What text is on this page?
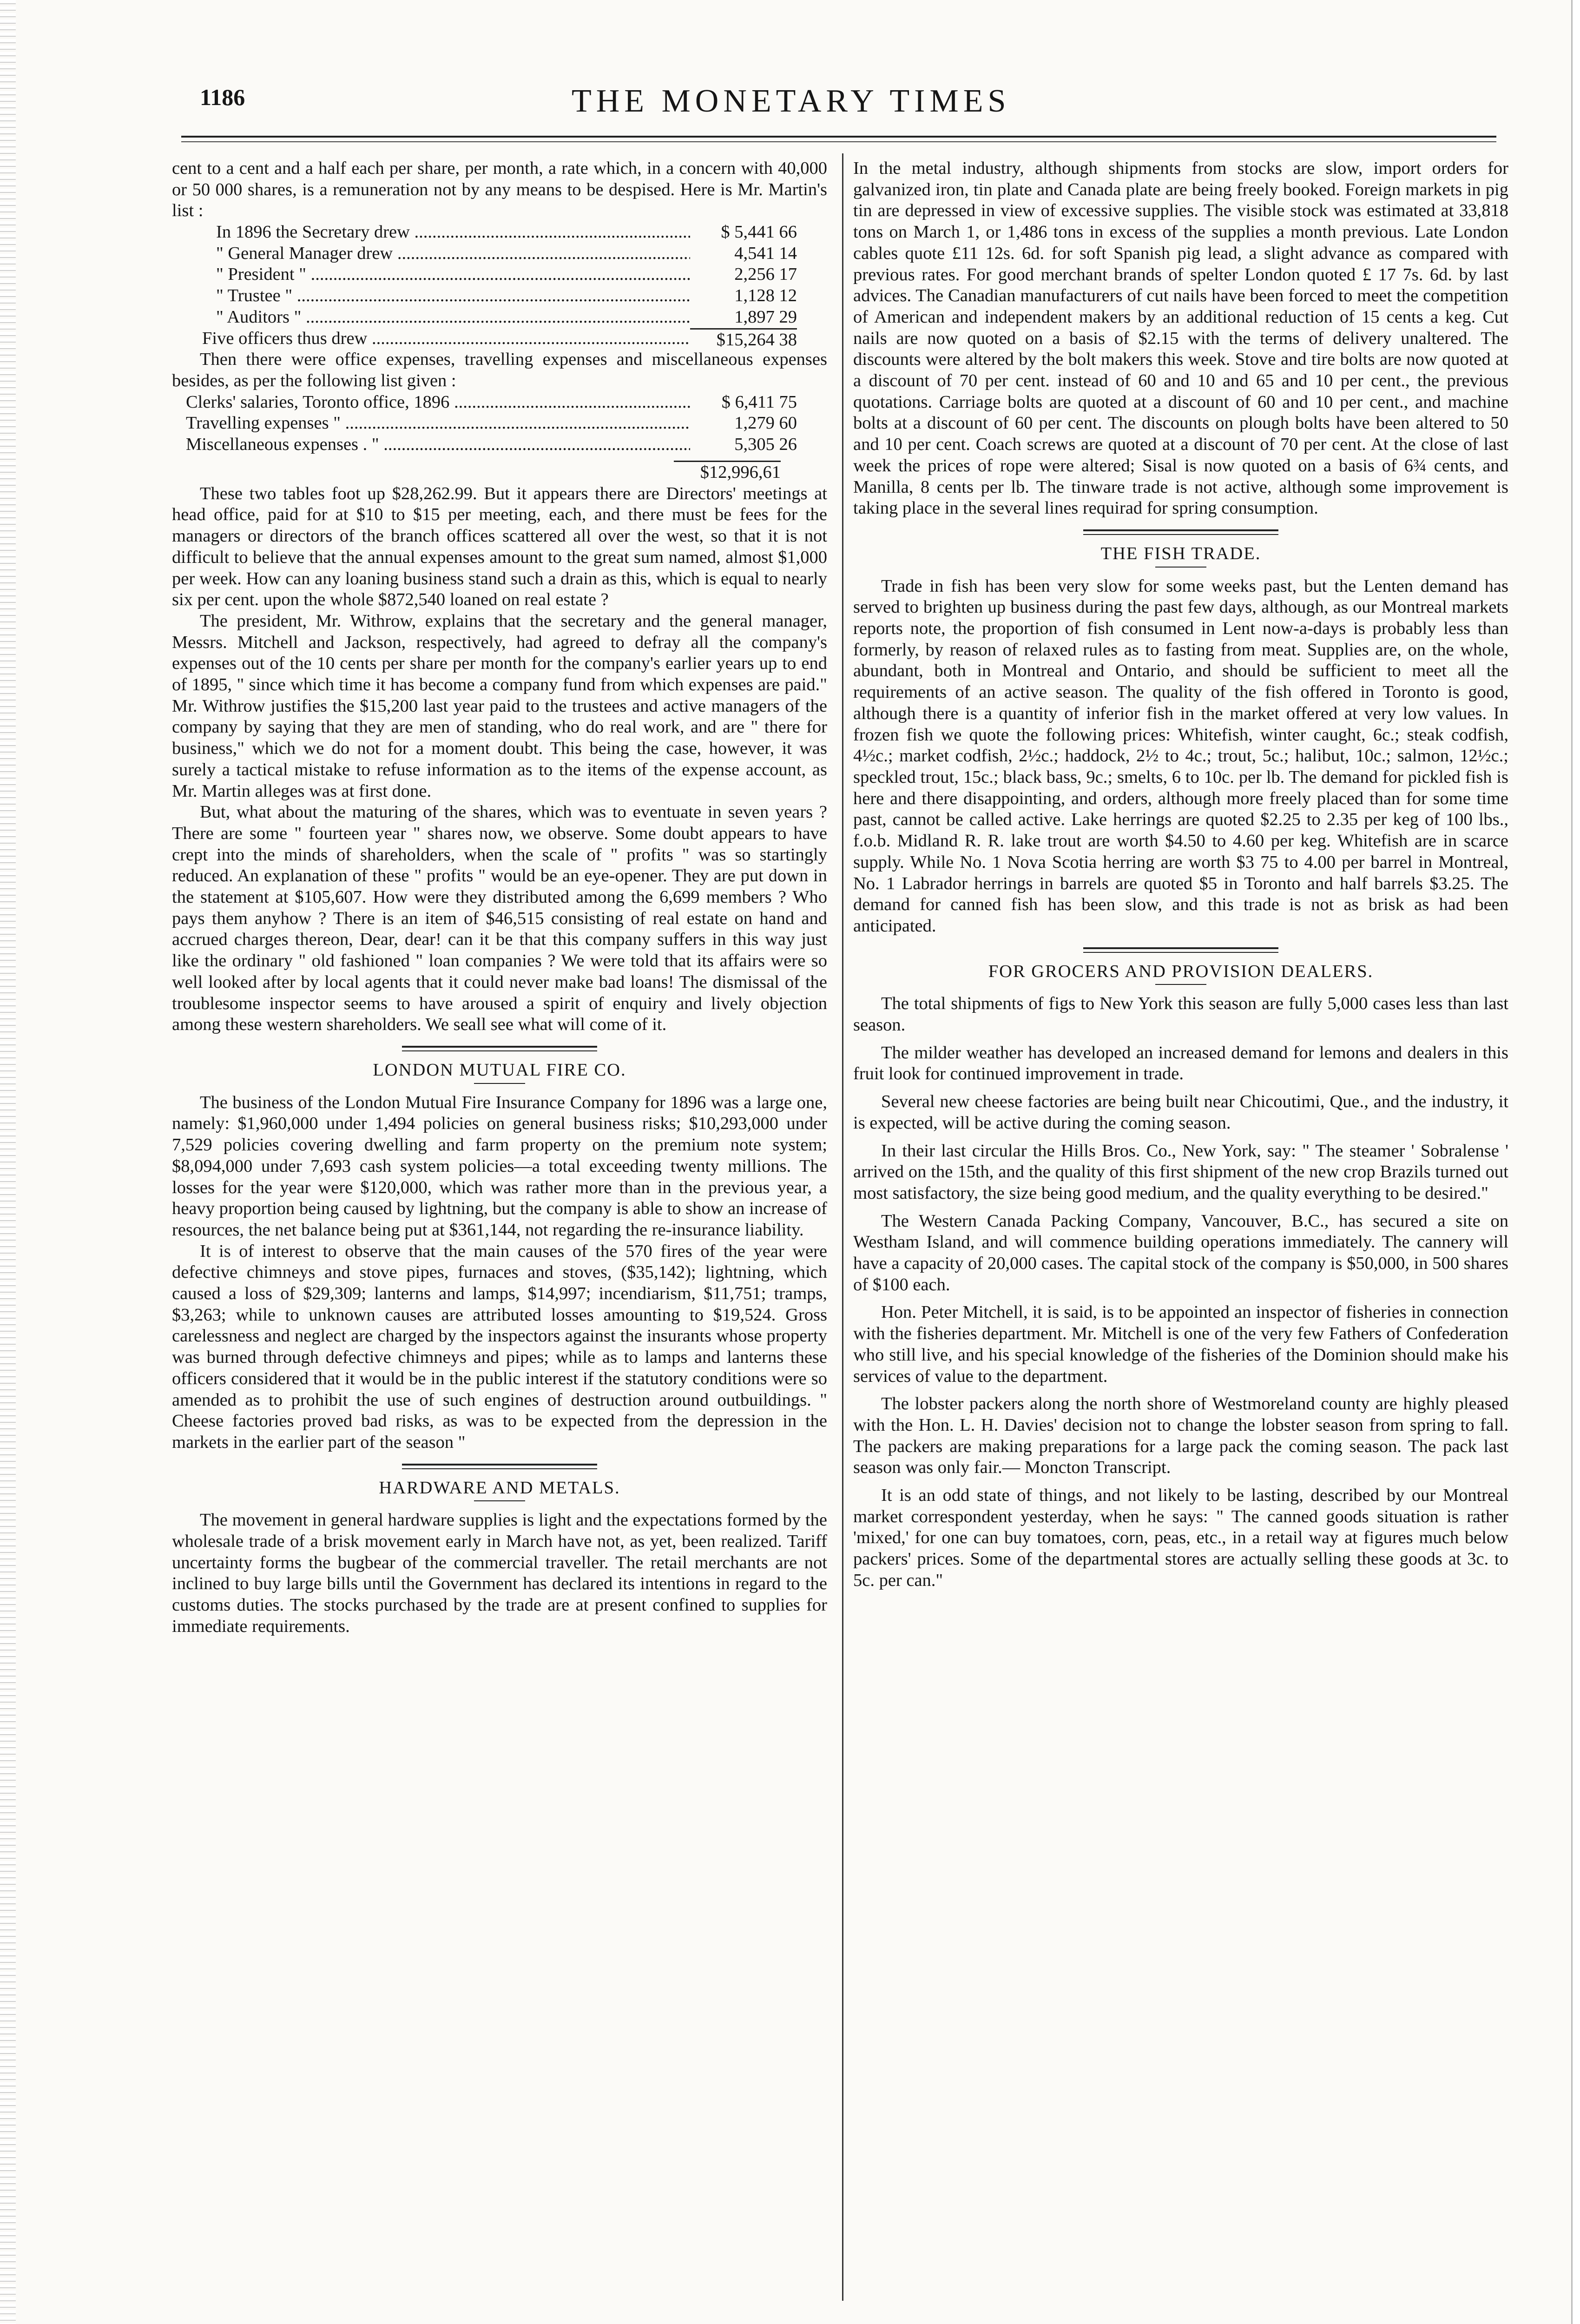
1186	THE MONETARY TIMES

cent to a cent and a half each per share, per month, a rate which, in a concern with 40,000 or 50 000 shares, is a remuneration not by any means to be despised. Here is Mr. Martin's list :

In 1896 the Secretary drew .....	$ 5,441 66
" General Manager drew .....	4,541 14
" President " .....	2,256 17
" Trustee " .....	1,128 12
" Auditors " .....	1,897 29
Five officers thus drew .....	$15,264 38

Then there were office expenses, travelling expenses and miscellaneous expenses besides, as per the following list given :

Clerks' salaries, Toronto office, 1896 .....	$ 6,411 75
Travelling expenses " .....	1,279 60
Miscellaneous expenses . " .....	5,305 26
$12,996,61

These two tables foot up $28,262.99. But it appears there are Directors' meetings at head office, paid for at $10 to $15 per meeting, each, and there must be fees for the managers or directors of the branch offices scattered all over the west, so that it is not difficult to believe that the annual expenses amount to the great sum named, almost $1,000 per week. How can any loaning business stand such a drain as this, which is equal to nearly six per cent. upon the whole $872,540 loaned on real estate ?

The president, Mr. Withrow, explains that the secretary and the general manager, Messrs. Mitchell and Jackson, respectively, had agreed to defray all the company's expenses out of the 10 cents per share per month for the company's earlier years up to end of 1895, " since which time it has become a company fund from which expenses are paid." Mr. Withrow justifies the $15,200 last year paid to the trustees and active managers of the company by saying that they are men of standing, who do real work, and are " there for business," which we do not for a moment doubt. This being the case, however, it was surely a tactical mistake to refuse information as to the items of the expense account, as Mr. Martin alleges was at first done.

But, what about the maturing of the shares, which was to eventuate in seven years ? There are some " fourteen year " shares now, we observe. Some doubt appears to have crept into the minds of shareholders, when the scale of " profits " was so startingly reduced. An explanation of these " profits " would be an eye-opener. They are put down in the statement at $105,607. How were they distributed among the 6,699 members ? Who pays them anyhow ? There is an item of $46,515 consisting of real estate on hand and accrued charges thereon, Dear, dear! can it be that this company suffers in this way just like the ordinary " old fashioned " loan companies ? We were told that its affairs were so well looked after by local agents that it could never make bad loans! The dismissal of the troublesome inspector seems to have aroused a spirit of enquiry and lively objection among these western shareholders. We seall see what will come of it.

LONDON MUTUAL FIRE CO.

The business of the London Mutual Fire Insurance Company for 1896 was a large one, namely: $1,960,000 under 1,494 policies on general business risks; $10,293,000 under 7,529 policies covering dwelling and farm property on the premium note system; $8,094,000 under 7,693 cash system policies—a total exceeding twenty millions. The losses for the year were $120,000, which was rather more than in the previous year, a heavy proportion being caused by lightning, but the company is able to show an increase of resources, the net balance being put at $361,144, not regarding the re-insurance liability.

It is of interest to observe that the main causes of the 570 fires of the year were defective chimneys and stove pipes, furnaces and stoves, ($35,142); lightning, which caused a loss of $29,309; lanterns and lamps, $14,997; incendiarism, $11,751; tramps, $3,263; while to unknown causes are attributed losses amounting to $19,524. Gross carelessness and neglect are charged by the inspectors against the insurants whose property was burned through defective chimneys and pipes; while as to lamps and lanterns these officers considered that it would be in the public interest if the statutory conditions were so amended as to prohibit the use of such engines of destruction around outbuildings. " Cheese factories proved bad risks, as was to be expected from the depression in the markets in the earlier part of the season "

HARDWARE AND METALS.

The movement in general hardware supplies is light and the expectations formed by the wholesale trade of a brisk movement early in March have not, as yet, been realized. Tariff uncertainty forms the bugbear of the commercial traveller. The retail merchants are not inclined to buy large bills until the Government has declared its intentions in regard to the customs duties. The stocks purchased by the trade are at present confined to supplies for immediate requirements.

In the metal industry, although shipments from stocks are slow, import orders for galvanized iron, tin plate and Canada plate are being freely booked. Foreign markets in pig tin are depressed in view of excessive supplies. The visible stock was estimated at 33,818 tons on March 1, or 1,486 tons in excess of the supplies a month previous. Late London cables quote £11 12s. 6d. for soft Spanish pig lead, a slight advance as compared with previous rates. For good merchant brands of spelter London quoted £ 17 7s. 6d. by last advices. The Canadian manufacturers of cut nails have been forced to meet the competition of American and independent makers by an additional reduction of 15 cents a keg. Cut nails are now quoted on a basis of $2.15 with the terms of delivery unaltered. The discounts were altered by the bolt makers this week. Stove and tire bolts are now quoted at a discount of 70 per cent. instead of 60 and 10 and 65 and 10 per cent., the previous quotations. Carriage bolts are quoted at a discount of 60 and 10 per cent., and machine bolts at a discount of 60 per cent. The discounts on plough bolts have been altered to 50 and 10 per cent. Coach screws are quoted at a discount of 70 per cent. At the close of last week the prices of rope were altered; Sisal is now quoted on a basis of 6¾ cents, and Manilla, 8 cents per lb. The tinware trade is not active, although some improvement is taking place in the several lines requirad for spring consumption.

THE FISH TRADE.

Trade in fish has been very slow for some weeks past, but the Lenten demand has served to brighten up business during the past few days, although, as our Montreal markets reports note, the proportion of fish consumed in Lent now-a-days is probably less than formerly, by reason of relaxed rules as to fasting from meat. Supplies are, on the whole, abundant, both in Montreal and Ontario, and should be sufficient to meet all the requirements of an active season. The quality of the fish offered in Toronto is good, although there is a quantity of inferior fish in the market offered at very low values. In frozen fish we quote the following prices: Whitefish, winter caught, 6c.; steak codfish, 4½c.; market codfish, 2½c.; haddock, 2½ to 4c.; trout, 5c.; halibut, 10c.; salmon, 12½c.; speckled trout, 15c.; black bass, 9c.; smelts, 6 to 10c. per lb. The demand for pickled fish is here and there disappointing, and orders, although more freely placed than for some time past, cannot be called active. Lake herrings are quoted $2.25 to 2.35 per keg of 100 lbs., f.o.b. Midland R. R. lake trout are worth $4.50 to 4.60 per keg. Whitefish are in scarce supply. While No. 1 Nova Scotia herring are worth $3 75 to 4.00 per barrel in Montreal, No. 1 Labrador herrings in barrels are quoted $5 in Toronto and half barrels $3.25. The demand for canned fish has been slow, and this trade is not as brisk as had been anticipated.

FOR GROCERS AND PROVISION DEALERS.

The total shipments of figs to New York this season are fully 5,000 cases less than last season.

The milder weather has developed an increased demand for lemons and dealers in this fruit look for continued improvement in trade.

Several new cheese factories are being built near Chicoutimi, Que., and the industry, it is expected, will be active during the coming season.

In their last circular the Hills Bros. Co., New York, say: " The steamer ' Sobralense ' arrived on the 15th, and the quality of this first shipment of the new crop Brazils turned out most satisfactory, the size being good medium, and the quality everything to be desired."

The Western Canada Packing Company, Vancouver, B.C., has secured a site on Westham Island, and will commence building operations immediately. The cannery will have a capacity of 20,000 cases. The capital stock of the company is $50,000, in 500 shares of $100 each.

Hon. Peter Mitchell, it is said, is to be appointed an inspector of fisheries in connection with the fisheries department. Mr. Mitchell is one of the very few Fathers of Confederation who still live, and his special knowledge of the fisheries of the Dominion should make his services of value to the department.

The lobster packers along the north shore of Westmoreland county are highly pleased with the Hon. L. H. Davies' decision not to change the lobster season from spring to fall. The packers are making preparations for a large pack the coming season. The pack last season was only fair.— Moncton Transcript.

It is an odd state of things, and not likely to be lasting, described by our Montreal market correspondent yesterday, when he says: " The canned goods situation is rather 'mixed,' for one can buy tomatoes, corn, peas, etc., in a retail way at figures much below packers' prices. Some of the departmental stores are actually selling these goods at 3c. to 5c. per can."
